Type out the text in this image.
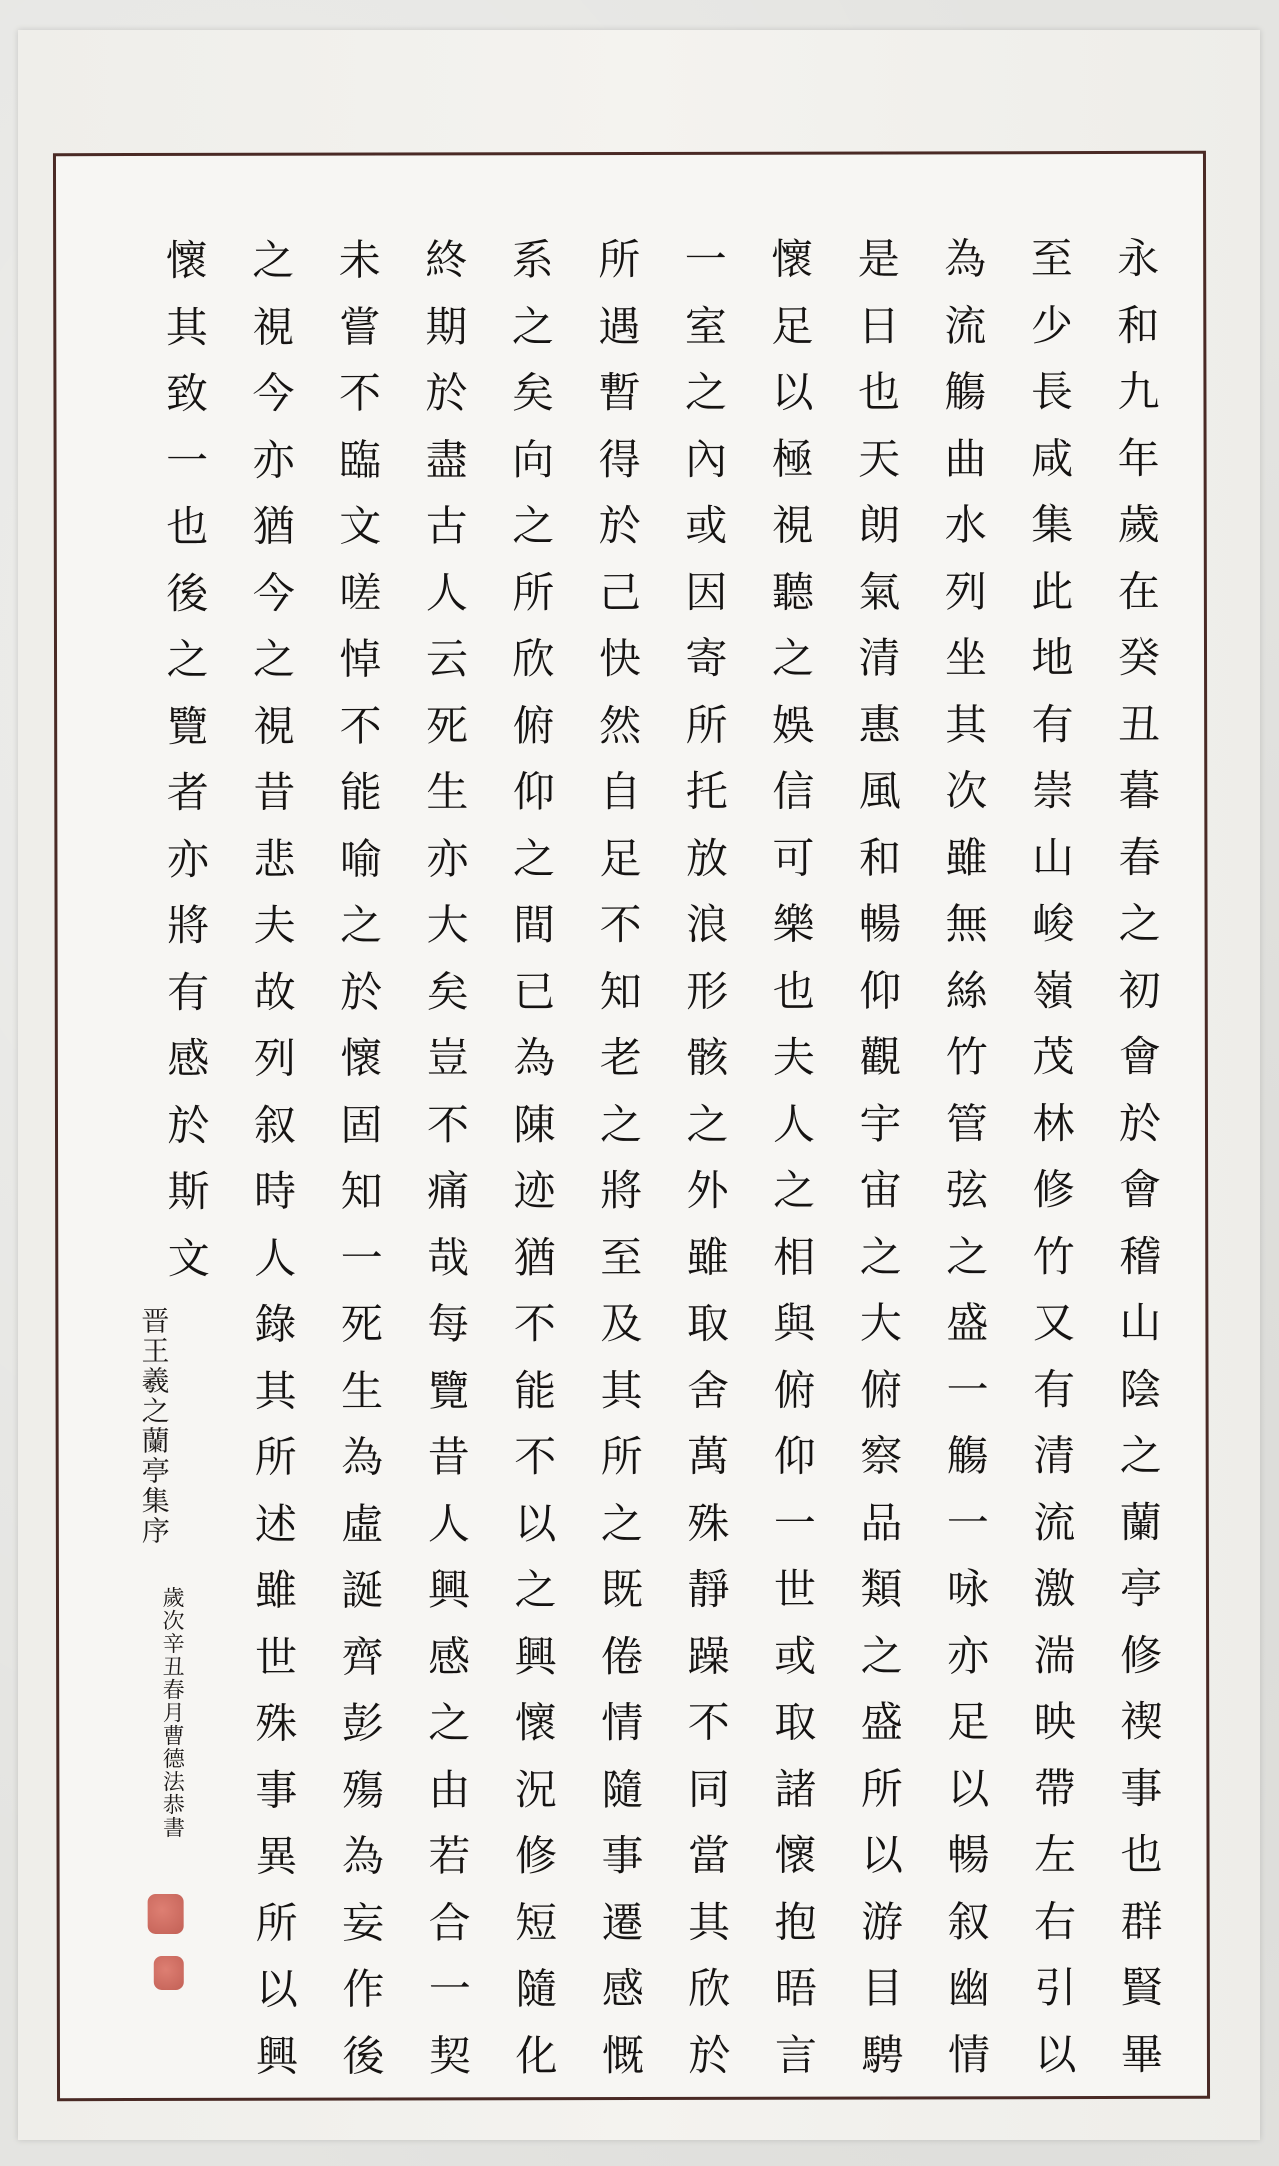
永
和
九
年
歲
在
癸
丑
暮
春
之
初
會
於
會
稽
山
陰
之
蘭
亭
修
禊
事
也
群
賢
畢
至
少
長
咸
集
此
地
有
崇
山
峻
嶺
茂
林
修
竹
又
有
清
流
激
湍
映
帶
左
右
引
以
為
流
觴
曲
水
列
坐
其
次
雖
無
絲
竹
管
弦
之
盛
一
觴
一
咏
亦
足
以
暢
叙
幽
情
是
日
也
天
朗
氣
清
惠
風
和
暢
仰
觀
宇
宙
之
大
俯
察
品
類
之
盛
所
以
游
目
騁
懷
足
以
極
視
聽
之
娛
信
可
樂
也
夫
人
之
相
與
俯
仰
一
世
或
取
諸
懷
抱
晤
言
一
室
之
內
或
因
寄
所
托
放
浪
形
骸
之
外
雖
取
舍
萬
殊
靜
躁
不
同
當
其
欣
於
所
遇
暫
得
於
己
快
然
自
足
不
知
老
之
將
至
及
其
所
之
既
倦
情
隨
事
遷
感
慨
系
之
矣
向
之
所
欣
俯
仰
之
間
已
為
陳
迹
猶
不
能
不
以
之
興
懷
況
修
短
隨
化
終
期
於
盡
古
人
云
死
生
亦
大
矣
豈
不
痛
哉
每
覽
昔
人
興
感
之
由
若
合
一
契
未
嘗
不
臨
文
嗟
悼
不
能
喻
之
於
懷
固
知
一
死
生
為
虛
誕
齊
彭
殤
為
妄
作
後
之
視
今
亦
猶
今
之
視
昔
悲
夫
故
列
叙
時
人
錄
其
所
述
雖
世
殊
事
異
所
以
興
懷
其
致
一
也
後
之
覽
者
亦
將
有
感
於
斯
文
晋王羲之蘭亭集序
歲次辛丑春月曹德法恭書
